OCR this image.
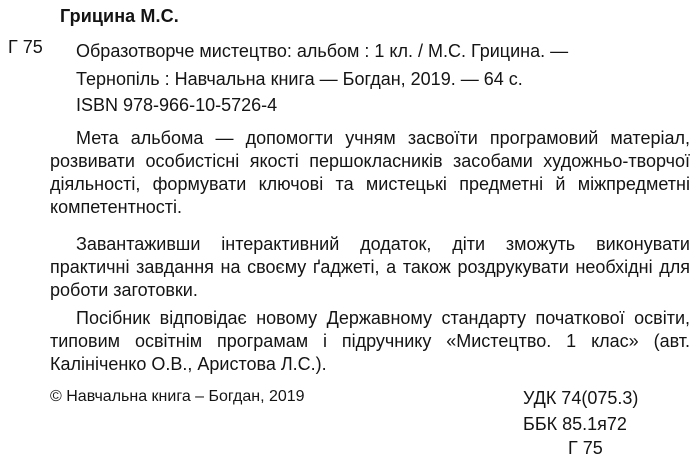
Грицина М.С.
Г 75 Образотворче мистецтво: альбом : 1 кл. / М.С. Грицина. —
Тернопіль : Навчальна книга — Богдан, 2019. — 64 с.
ISBN 978-966-10-5726-4

Мета альбома — допомогти учням засвоїти програмовий матеріал, розвивати особистісні якості першокласників засобами художньо-творчої діяльності, формувати ключові та мистецькі предметні й міжпредметні компетентності.

Завантаживши інтерактивний додаток, діти зможуть виконувати практичні завдання на своєму ґаджеті, а також роздрукувати необхідні для роботи заготовки.

Посібник відповідає новому Державному стандарту початкової освіти, типовим освітнім програмам і підручнику «Мистецтво. 1 клас» (авт. Калініченко О.В., Аристова Л.С.).

© Навчальна книга – Богдан, 2019	УДК 74(075.3)
ББК 85.1я72
Г 75
